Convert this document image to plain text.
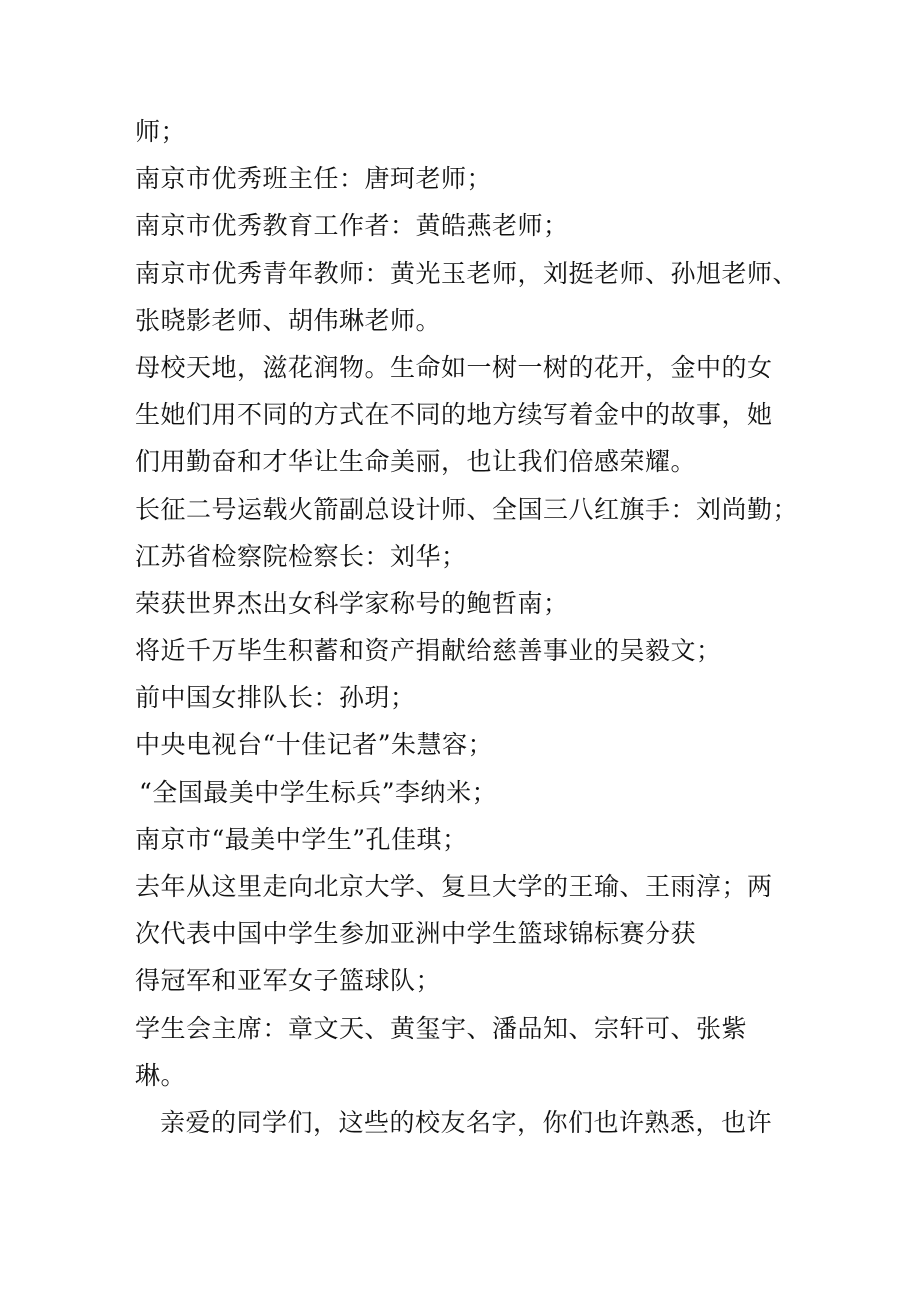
师；
南京市优秀班主任：唐珂老师；
南京市优秀教育工作者：黄皓燕老师；
南京市优秀青年教师：黄光玉老师，刘挺老师、孙旭老师、
张晓影老师、胡伟琳老师。
母校天地，滋花润物。生命如一树一树的花开，金中的女
生她们用不同的方式在不同的地方续写着金中的故事，她
们用勤奋和才华让生命美丽，也让我们倍感荣耀。
长征二号运载火箭副总设计师、全国三八红旗手：刘尚勤；
江苏省检察院检察长：刘华；
荣获世界杰出女科学家称号的鲍哲南；
将近千万毕生积蓄和资产捐献给慈善事业的吴毅文；
前中国女排队长：孙玥；
中央电视台“十佳记者”朱慧容；
“全国最美中学生标兵”李纳米；
南京市“最美中学生”孔佳琪；
去年从这里走向北京大学、复旦大学的王瑜、王雨淳；两
次代表中国中学生参加亚洲中学生篮球锦标赛分获
得冠军和亚军女子篮球队；
学生会主席：章文天、黄玺宇、潘品知、宗轩可、张紫
琳。
亲爱的同学们，这些的校友名字，你们也许熟悉，也许
